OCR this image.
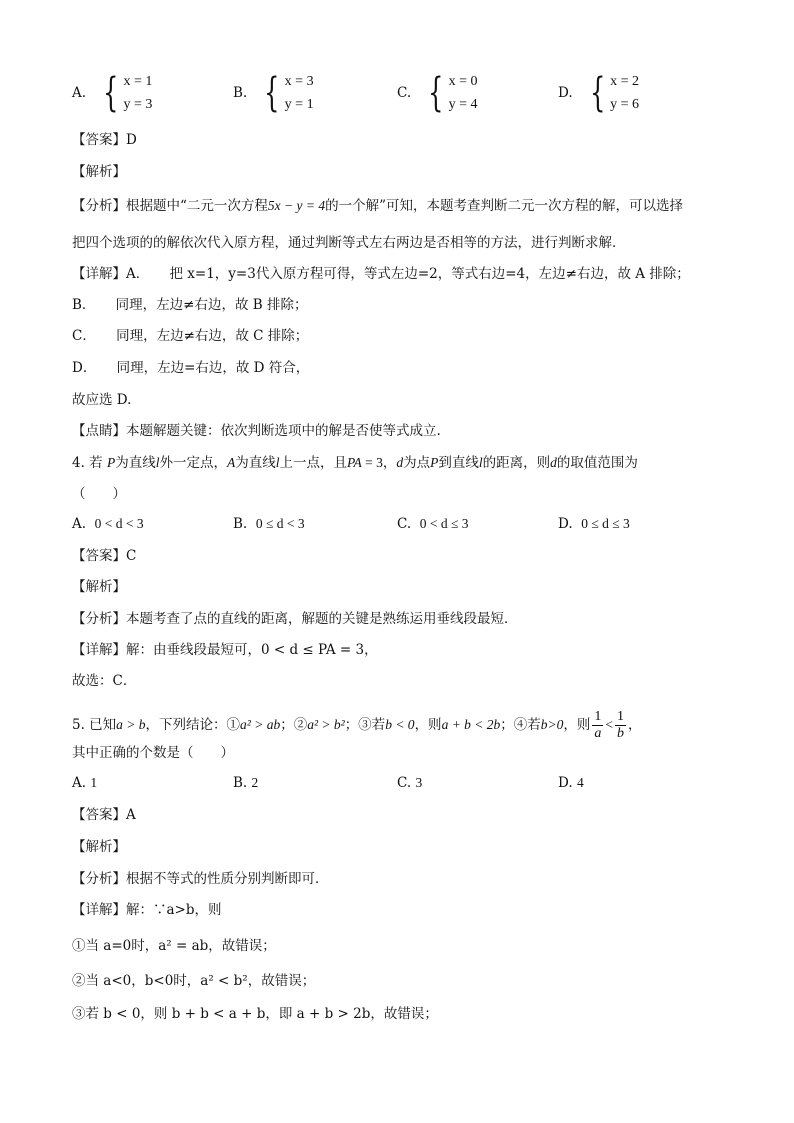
A. { x = 1
y = 3
B. { x = 3
y = 1
C. { x = 0
y = 4
D. { x = 2
y = 6
【答案】D
【解析】
【分析】根据题中“二元一次方程5x − y = 4的一个解”可知，本题考查判断二元一次方程的解，可以选择
把四个选项的的解依次代入原方程，通过判断等式左右两边是否相等的方法，进行判断求解．
【详解】A．　　把 x=1，y=3代入原方程可得，等式左边=2，等式右边=4，左边≠右边，故 A 排除；
B．　　同理，左边≠右边，故 B 排除；
C．　　同理，左边≠右边，故 C 排除；
D．　　同理，左边=右边，故 D 符合，
故应选 D.
【点睛】本题解题关键：依次判断选项中的解是否使等式成立.
4. 若 P为直线l外一定点，A为直线l上一点，且PA = 3，d为点P到直线l的距离，则d的取值范围为
（　　）
A. 0 < d < 3	B. 0 ≤ d < 3	C. 0 < d ≤ 3	D. 0 ≤ d ≤ 3
【答案】C
【解析】
【分析】本题考查了点的直线的距离，解题的关键是熟练运用垂线段最短．
【详解】解：由垂线段最短可，0 < d ≤ PA = 3，
故选：C．
5. 已知a > b，下列结论：①a² > ab；②a² > b²；③若b < 0，则a + b < 2b；④若b>0，则 $\frac{1}{a} < \frac{1}{b}$ ，
其中正确的个数是（　　）
A. 1	B. 2	C. 3	D. 4
【答案】A
【解析】
【分析】根据不等式的性质分别判断即可．
【详解】解：∵a>b，则
①当 a=0时，a² = ab，故错误；
②当 a<0，b<0时，a² < b²，故错误；
③若 b < 0，则 b + b < a + b，即 a + b > 2b，故错误；
